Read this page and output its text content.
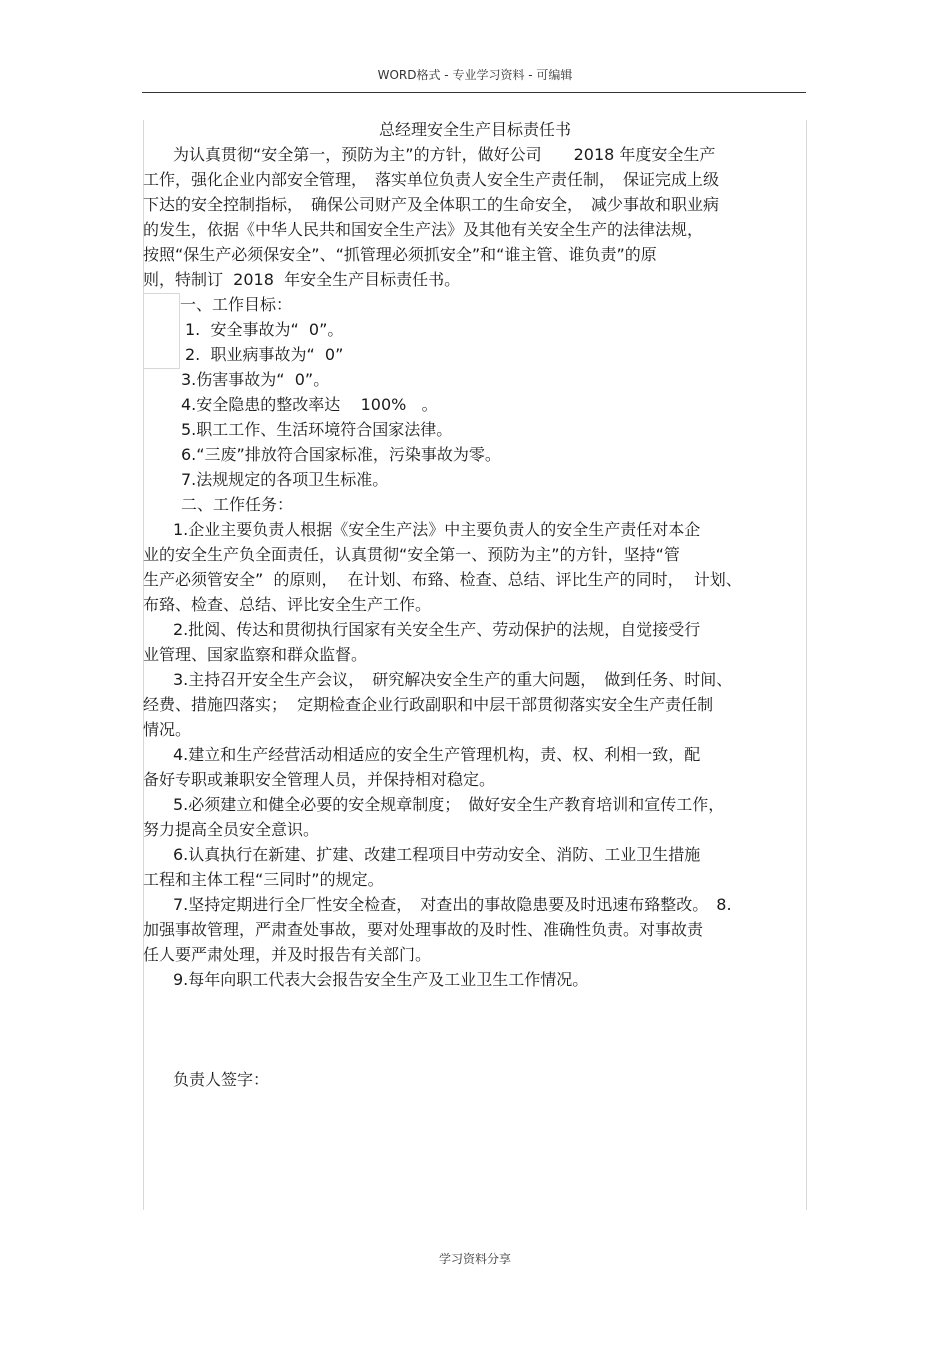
WORD格式 - 专业学习资料 - 可编辑
总经理安全生产目标责任书
为认真贯彻“安全第一，预防为主”的方针，做好公司　　2018 年度安全生产
工作，强化企业内部安全管理，　落实单位负责人安全生产责任制，　保证完成上级
下达的安全控制指标，　确保公司财产及全体职工的生命安全，　减少事故和职业病
的发生，依据《中华人民共和国安全生产法》及其他有关安全生产的法律法规，
按照“保生产必须保安全”、“抓管理必须抓安全”和“谁主管、谁负责”的原
则，特制订  2018  年安全生产目标责任书。
一、工作目标：
1.  安全事故为“  0”。
2.  职业病事故为“  0”
3.伤害事故为“  0”。
4.安全隐患的整改率达    100%   。
5.职工工作、生活环境符合国家法律。
6.“三废”排放符合国家标准，污染事故为零。
7.法规规定的各项卫生标准。
二、工作任务：
1.企业主要负责人根据《安全生产法》中主要负责人的安全生产责任对本企
业的安全生产负全面责任，认真贯彻“安全第一、预防为主”的方针，坚持“管
生产必须管安全”  的原则，  在计划、布臵、检查、总结、评比生产的同时，  计划、
布臵、检查、总结、评比安全生产工作。
2.批阅、传达和贯彻执行国家有关安全生产、劳动保护的法规，自觉接受行
业管理、国家监察和群众监督。
3.主持召开安全生产会议，　研究解决安全生产的重大问题，　做到任务、时间、
经费、措施四落实；  定期检查企业行政副职和中层干部贯彻落实安全生产责任制
情况。
4.建立和生产经营活动相适应的安全生产管理机构，责、权、利相一致，配
备好专职或兼职安全管理人员，并保持相对稳定。
5.必须建立和健全必要的安全规章制度；　做好安全生产教育培训和宣传工作，
努力提高全员安全意识。
6.认真执行在新建、扩建、改建工程项目中劳动安全、消防、工业卫生措施
工程和主体工程“三同时”的规定。
7.坚持定期进行全厂性安全检查，　对查出的事故隐患要及时迅速布臵整改。　8.
加强事故管理，严肃查处事故，要对处理事故的及时性、准确性负责。对事故责
任人要严肃处理，并及时报告有关部门。
9.每年向职工代表大会报告安全生产及工业卫生工作情况。
负责人签字：
学习资料分享
